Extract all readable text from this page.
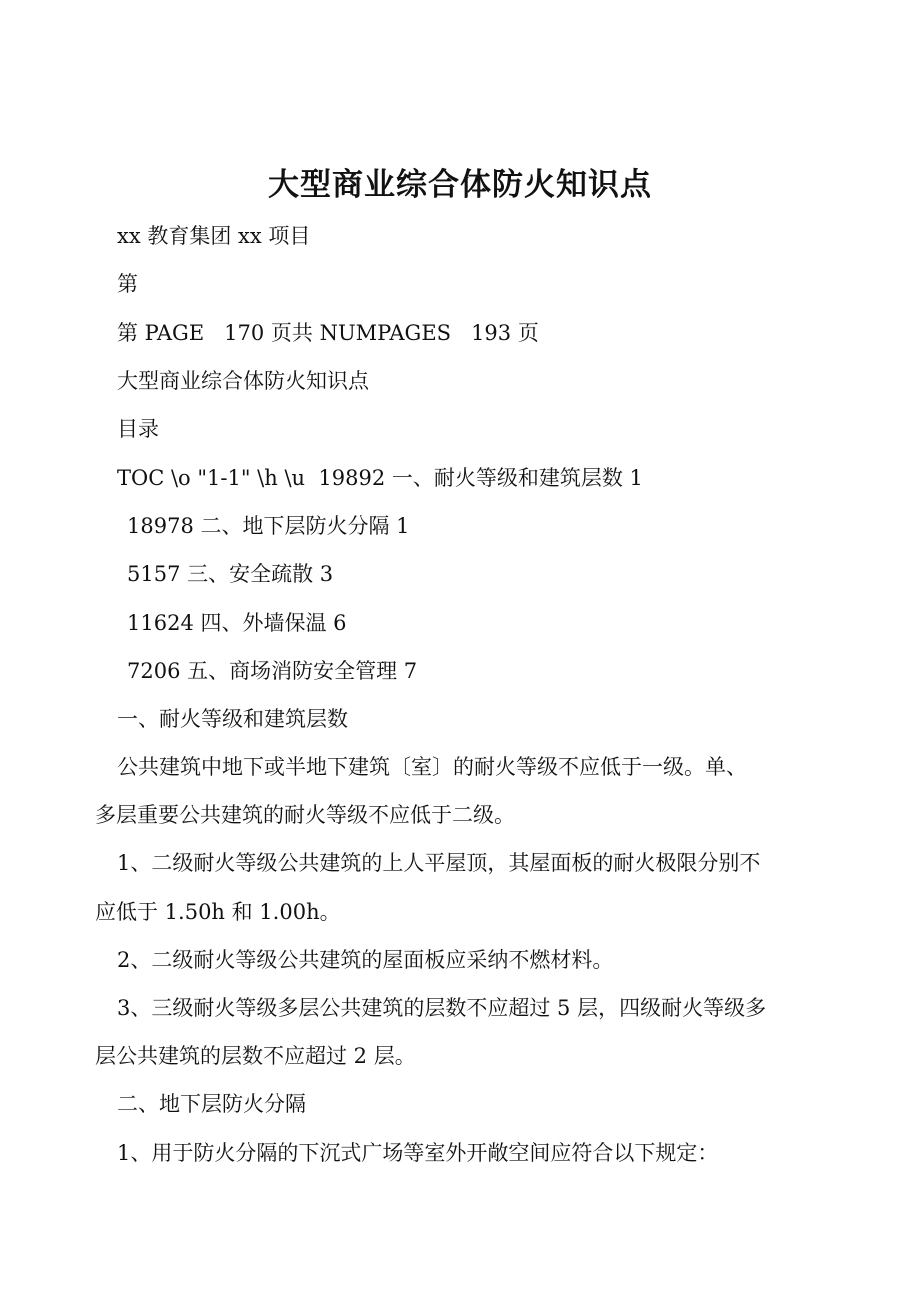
大型商业综合体防火知识点
xx 教育集团 xx 项目
第
第 PAGE   170 页共 NUMPAGES   193 页
大型商业综合体防火知识点
目录
TOC \o "1-1" \h \u  19892 一、耐火等级和建筑层数 1
18978 二、地下层防火分隔 1
5157 三、安全疏散 3
11624 四、外墙保温 6
7206 五、商场消防安全管理 7
一、耐火等级和建筑层数
公共建筑中地下或半地下建筑〔室〕的耐火等级不应低于一级。单、
多层重要公共建筑的耐火等级不应低于二级。
1、二级耐火等级公共建筑的上人平屋顶，其屋面板的耐火极限分别不
应低于 1.50h 和 1.00h。
2、二级耐火等级公共建筑的屋面板应采纳不燃材料。
3、三级耐火等级多层公共建筑的层数不应超过 5 层，四级耐火等级多
层公共建筑的层数不应超过 2 层。
二、地下层防火分隔
1、用于防火分隔的下沉式广场等室外开敞空间应符合以下规定：
